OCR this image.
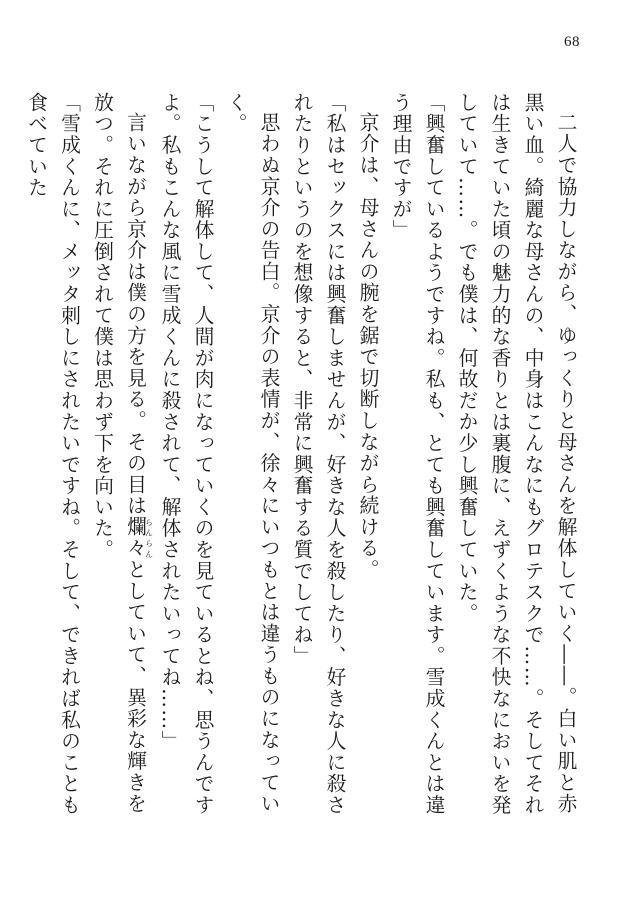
68

二人で協力しながら、ゆっくりと母さんを解体していく――。白い肌と赤黒い血。綺麗な母さんの、中身はこんなにもグロテスクで……。そしてそれは生きていた頃の魅力的な香りとは裏腹に、えずくような不快なにおいを発していて……。でも僕は、何故だか少し興奮していた。

「興奮しているようですね。私も、とても興奮しています。雪成くんとは違う理由ですが」

京介は、母さんの腕を鋸で切断しながら続ける。

「私はセックスには興奮しませんが、好きな人を殺したり、好きな人に殺されたりというのを想像すると、非常に興奮する質でしてね」

思わぬ京介の告白。京介の表情が、徐々にいつもとは違うものになっていく。

「こうして解体して、人間が肉になっていくのを見ているとね、思うんですよ。私もこんな風に雪成くんに殺されて、解体されたいってね……」

言いながら京介は僕の方を見る。その目は爛々らんらんとしていて、異彩な輝きを放つ。それに圧倒されて僕は思わず下を向いた。

「雪成くんに、メッタ刺しにされたいですね。そして、できれば私のことも食べていた
